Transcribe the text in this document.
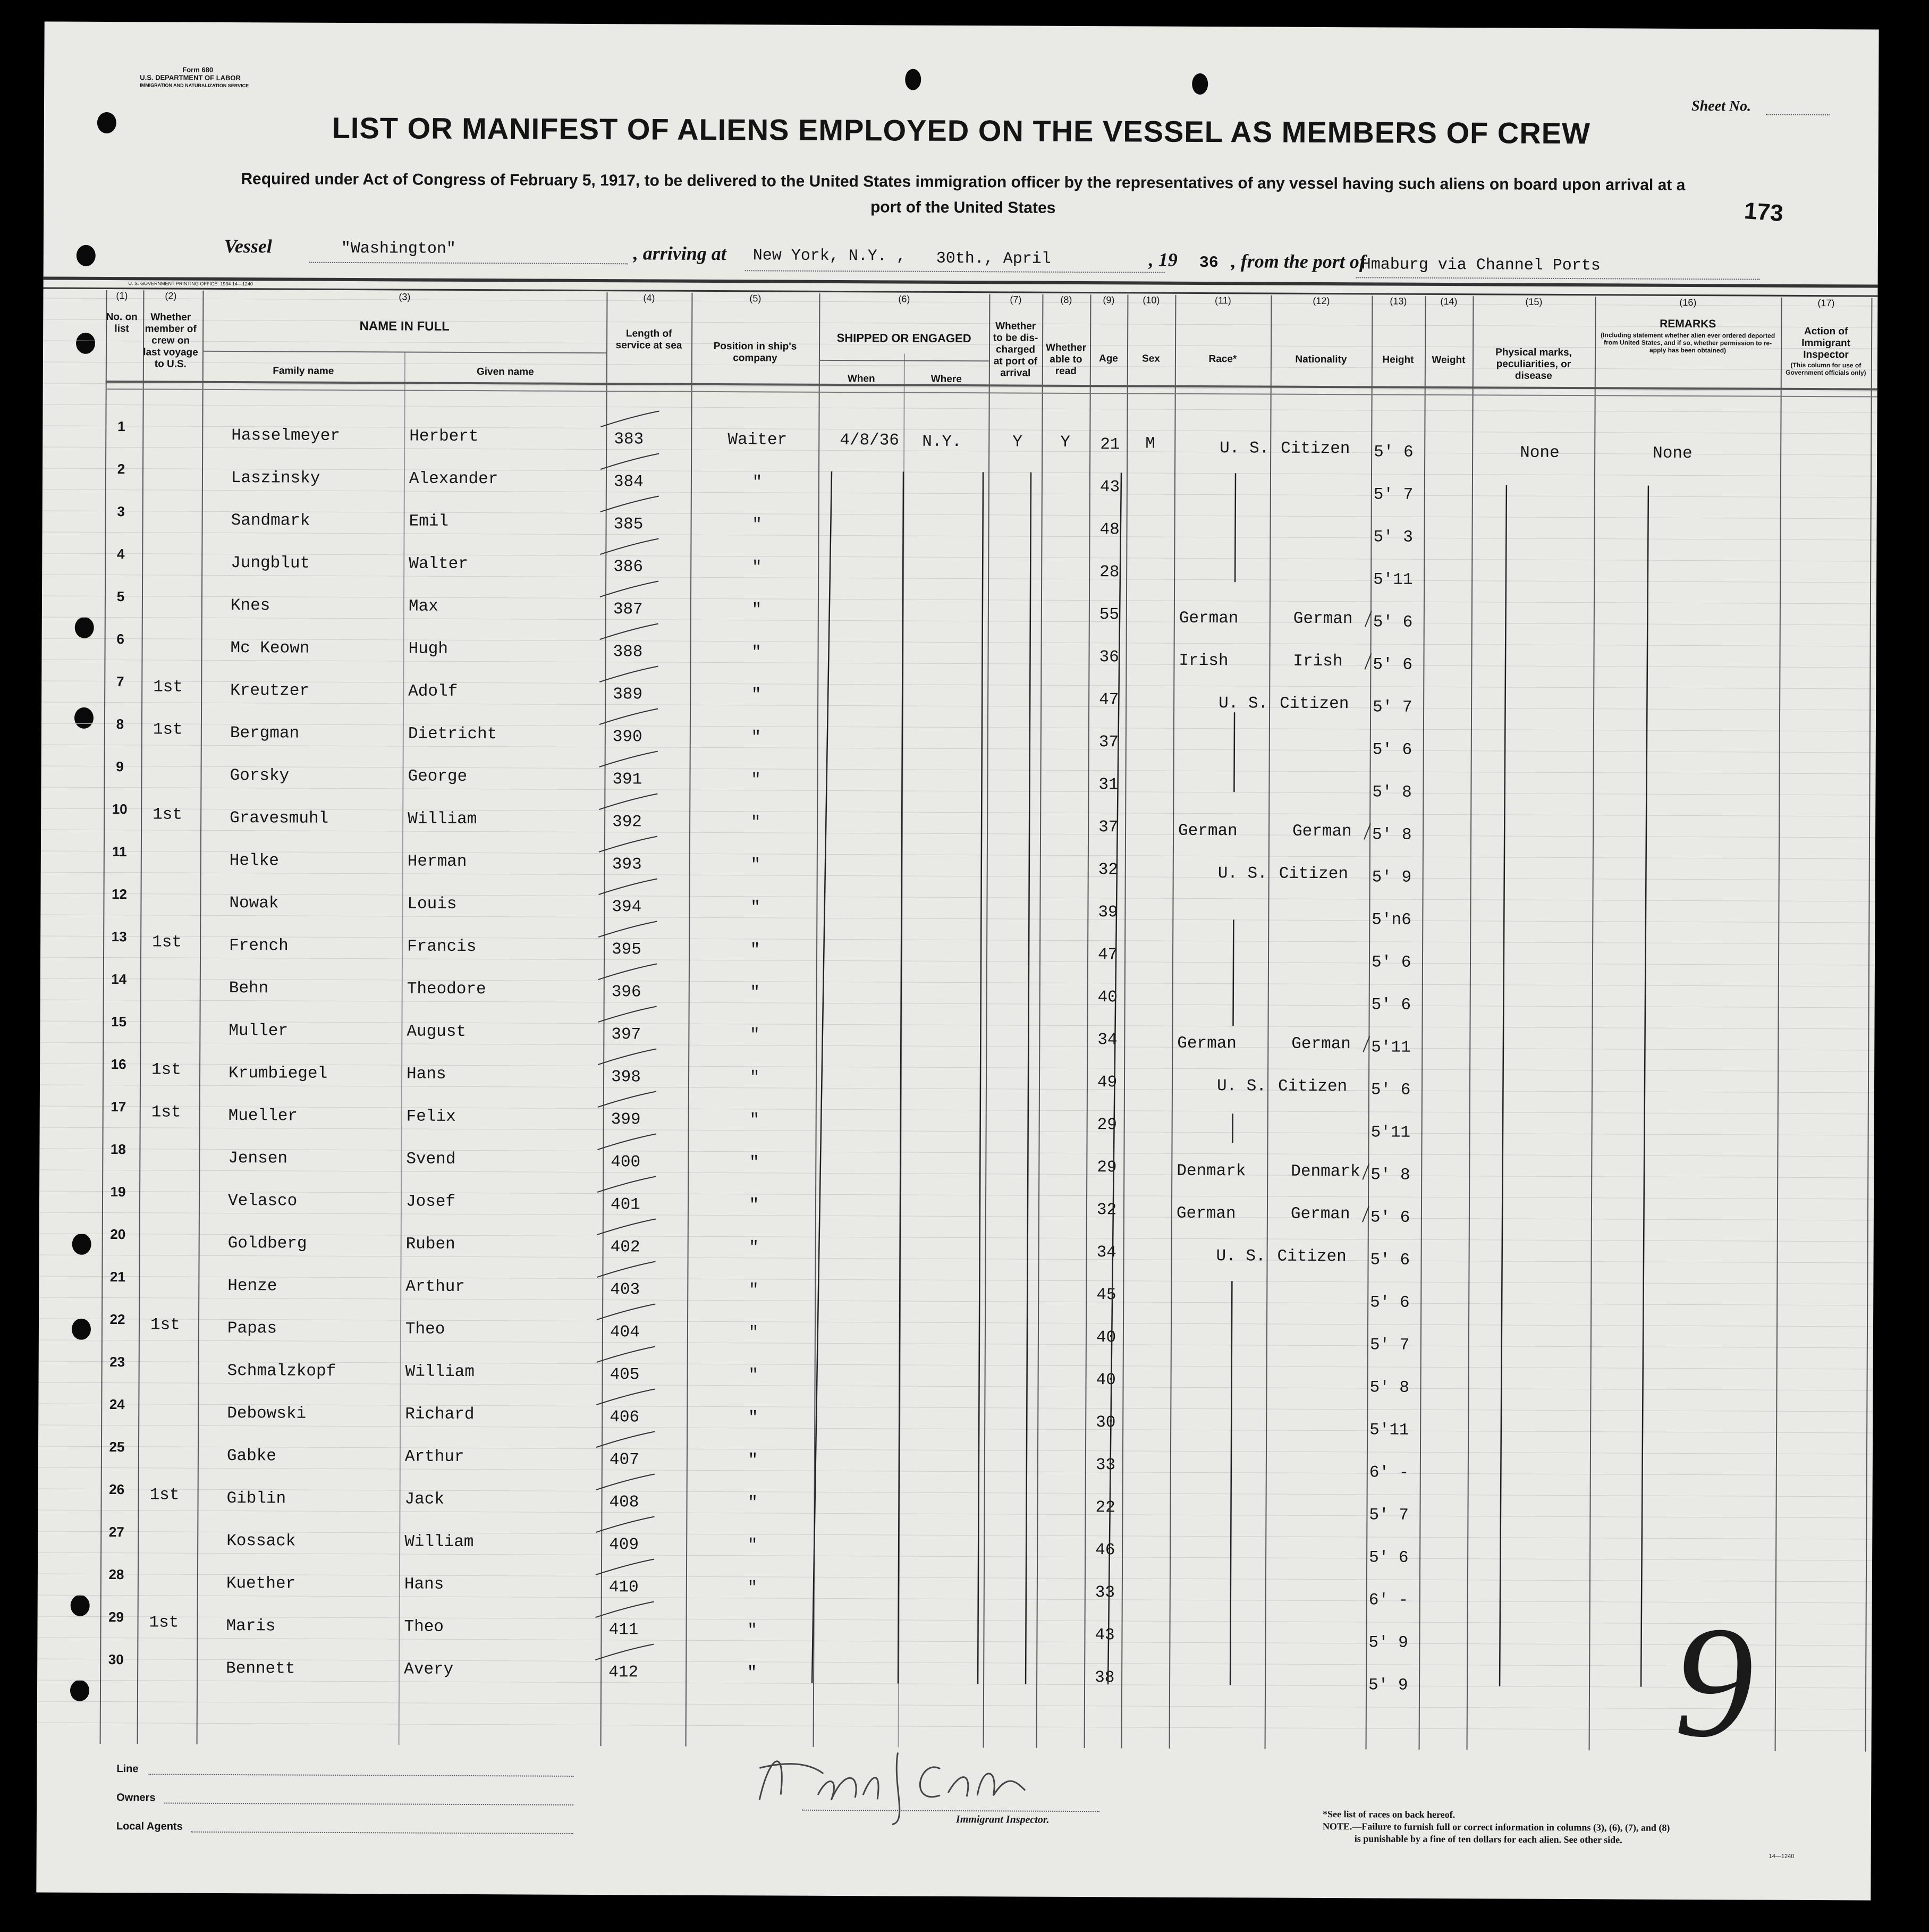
Form 680
U.S. DEPARTMENT OF LABOR
IMMIGRATION AND NATURALIZATION SERVICE
Sheet No.
LIST OR MANIFEST OF ALIENS EMPLOYED ON THE VESSEL AS MEMBERS OF CREW
Required under Act of Congress of February 5, 1917, to be delivered to the United States immigration officer by the representatives of any vessel having such aliens on board upon arrival at a
port of the United States	173
Vessel	"Washington"	, arriving at New York, N.Y. , 30th., April	, 19 36 , from the port of
Hmaburg via Channel Ports
U. S. GOVERNMENT PRINTING OFFICE: 1934 14—1240
(1)	(2)	(3)	(4)	(5)	(6)	(7)	(8)	(9)	(10)	(11)	(12)	(13)	(14)	(15)	(16)	(17)
No. on list
Whether member of crew on last voyage to U.S.
NAME IN FULL
Family name	Given name
Length of service at sea	Position in ship's company
SHIPPED OR ENGAGED
When	Where
Whether to be dis-charged at port of arrival
Whether able to read
Age	Sex	Race*	Nationality	Height	Weight
Physical marks, peculiarities, or disease
REMARKS
(Including statement whether alien ever ordered deported from United States, and if so, whether permission to re-apply has been obtained)
Action of Immigrant Inspector
(This column for use of Government officials only)
1	Hasselmeyer	Herbert	383	Waiter	4/8/36 N.Y.	Y Y 21 M	U. S. Citizen 5' 6	None	None
2	Laszinsky	Alexander	384	"	43	5' 7
3	Sandmark	Emil	385	"	48	5' 3
4	Jungblut	Walter	386	"	28	5'11
5	Knes	Max	387	"	55	German	German 5' 6
6	Mc Keown	Hugh	388	"	36	Irish	Irish 5' 6
7	1st	Kreutzer	Adolf	389	"	47	U. S. Citizen 5' 7
8	1st	Bergman	Dietricht	390	"	37	5' 6
9	Gorsky	George	391	"	31	5' 8
10	1st	Gravesmuhl	William	392	"	37	German	German 5' 8
11	Helke	Herman	393	"	32	U. S. Citizen 5' 9
12	Nowak	Louis	394	"	39	5'n6
13	1st	French	Francis	395	"	47	5' 6
14	Behn	Theodore	396	"	40	5' 6
15	Muller	August	397	"	34	German	German 5'11
16	1st	Krumbiegel	Hans	398	"	49	U. S. Citizen 5' 6
17	1st	Mueller	Felix	399	"	29	5'11
18	Jensen	Svend	400	"	29	Denmark	Denmark 5' 8
19	Velasco	Josef	401	"	32	German	German 5' 6
20	Goldberg	Ruben	402	"	34	U. S. Citizen 5' 6
21	Henze	Arthur	403	"	45	5' 6
22	1st	Papas	Theo	404	"	40	5' 7
23	Schmalzkopf	William	405	"	40	5' 8
24	Debowski	Richard	406	"	30	5'11
25	Gabke	Arthur	407	"	33	6' -
26	1st	Giblin	Jack	408	"	22	5' 7
27	Kossack	William	409	"	46	5' 6
28	Kuether	Hans	410	"	33	6' -
29	1st	Maris	Theo	411	"	43	5' 9
30	Bennett	Avery	412	"	38	5' 9
Line
Owners
Local Agents
Immigrant Inspector.	*See list of races on back hereof.
NOTE.—Failure to furnish full or correct information in columns (3), (6), (7), and (8)
is punishable by a fine of ten dollars for each alien. See other side.
14—1240
9
